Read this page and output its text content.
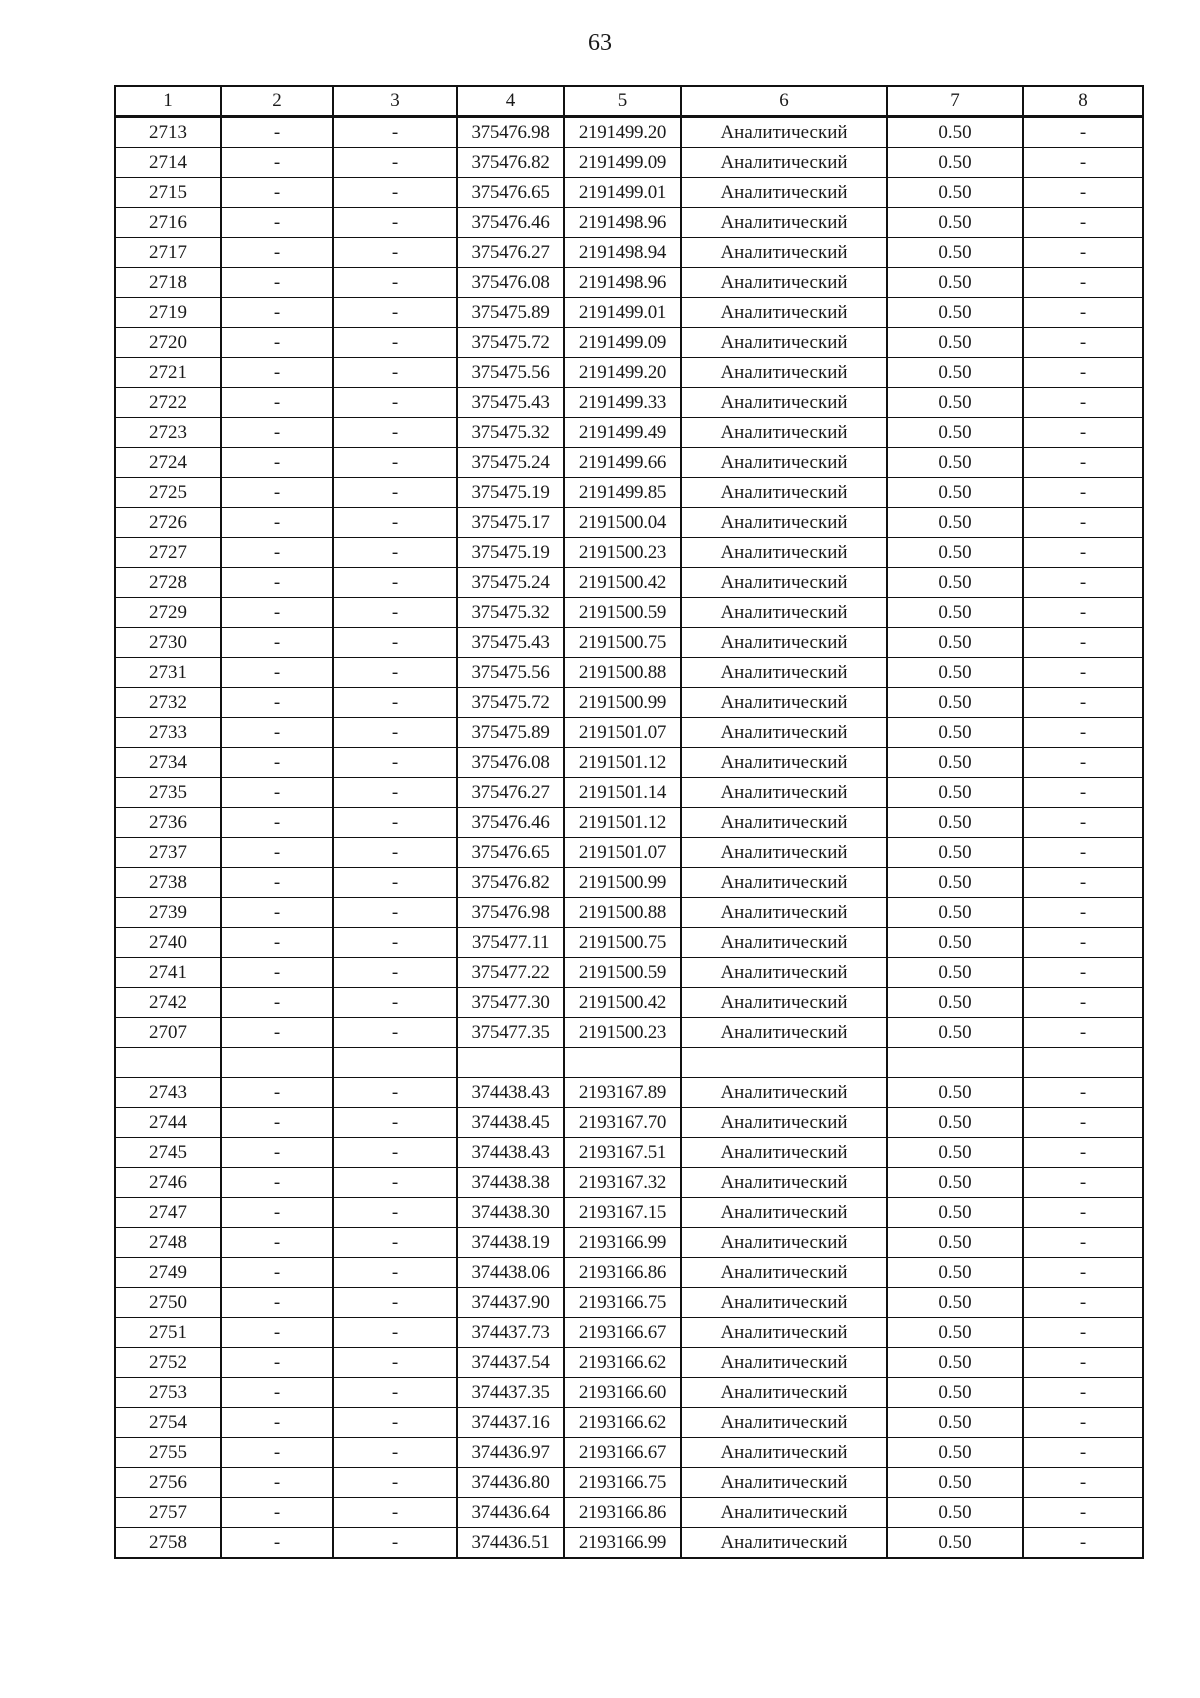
63
1	2	3	4	5	6	7	8
2713	-	-	375476.98	2191499.20	Аналитический	0.50	-
2714	-	-	375476.82	2191499.09	Аналитический	0.50	-
2715	-	-	375476.65	2191499.01	Аналитический	0.50	-
2716	-	-	375476.46	2191498.96	Аналитический	0.50	-
2717	-	-	375476.27	2191498.94	Аналитический	0.50	-
2718	-	-	375476.08	2191498.96	Аналитический	0.50	-
2719	-	-	375475.89	2191499.01	Аналитический	0.50	-
2720	-	-	375475.72	2191499.09	Аналитический	0.50	-
2721	-	-	375475.56	2191499.20	Аналитический	0.50	-
2722	-	-	375475.43	2191499.33	Аналитический	0.50	-
2723	-	-	375475.32	2191499.49	Аналитический	0.50	-
2724	-	-	375475.24	2191499.66	Аналитический	0.50	-
2725	-	-	375475.19	2191499.85	Аналитический	0.50	-
2726	-	-	375475.17	2191500.04	Аналитический	0.50	-
2727	-	-	375475.19	2191500.23	Аналитический	0.50	-
2728	-	-	375475.24	2191500.42	Аналитический	0.50	-
2729	-	-	375475.32	2191500.59	Аналитический	0.50	-
2730	-	-	375475.43	2191500.75	Аналитический	0.50	-
2731	-	-	375475.56	2191500.88	Аналитический	0.50	-
2732	-	-	375475.72	2191500.99	Аналитический	0.50	-
2733	-	-	375475.89	2191501.07	Аналитический	0.50	-
2734	-	-	375476.08	2191501.12	Аналитический	0.50	-
2735	-	-	375476.27	2191501.14	Аналитический	0.50	-
2736	-	-	375476.46	2191501.12	Аналитический	0.50	-
2737	-	-	375476.65	2191501.07	Аналитический	0.50	-
2738	-	-	375476.82	2191500.99	Аналитический	0.50	-
2739	-	-	375476.98	2191500.88	Аналитический	0.50	-
2740	-	-	375477.11	2191500.75	Аналитический	0.50	-
2741	-	-	375477.22	2191500.59	Аналитический	0.50	-
2742	-	-	375477.30	2191500.42	Аналитический	0.50	-
2707	-	-	375477.35	2191500.23	Аналитический	0.50	-

2743	-	-	374438.43	2193167.89	Аналитический	0.50	-
2744	-	-	374438.45	2193167.70	Аналитический	0.50	-
2745	-	-	374438.43	2193167.51	Аналитический	0.50	-
2746	-	-	374438.38	2193167.32	Аналитический	0.50	-
2747	-	-	374438.30	2193167.15	Аналитический	0.50	-
2748	-	-	374438.19	2193166.99	Аналитический	0.50	-
2749	-	-	374438.06	2193166.86	Аналитический	0.50	-
2750	-	-	374437.90	2193166.75	Аналитический	0.50	-
2751	-	-	374437.73	2193166.67	Аналитический	0.50	-
2752	-	-	374437.54	2193166.62	Аналитический	0.50	-
2753	-	-	374437.35	2193166.60	Аналитический	0.50	-
2754	-	-	374437.16	2193166.62	Аналитический	0.50	-
2755	-	-	374436.97	2193166.67	Аналитический	0.50	-
2756	-	-	374436.80	2193166.75	Аналитический	0.50	-
2757	-	-	374436.64	2193166.86	Аналитический	0.50	-
2758	-	-	374436.51	2193166.99	Аналитический	0.50	-
